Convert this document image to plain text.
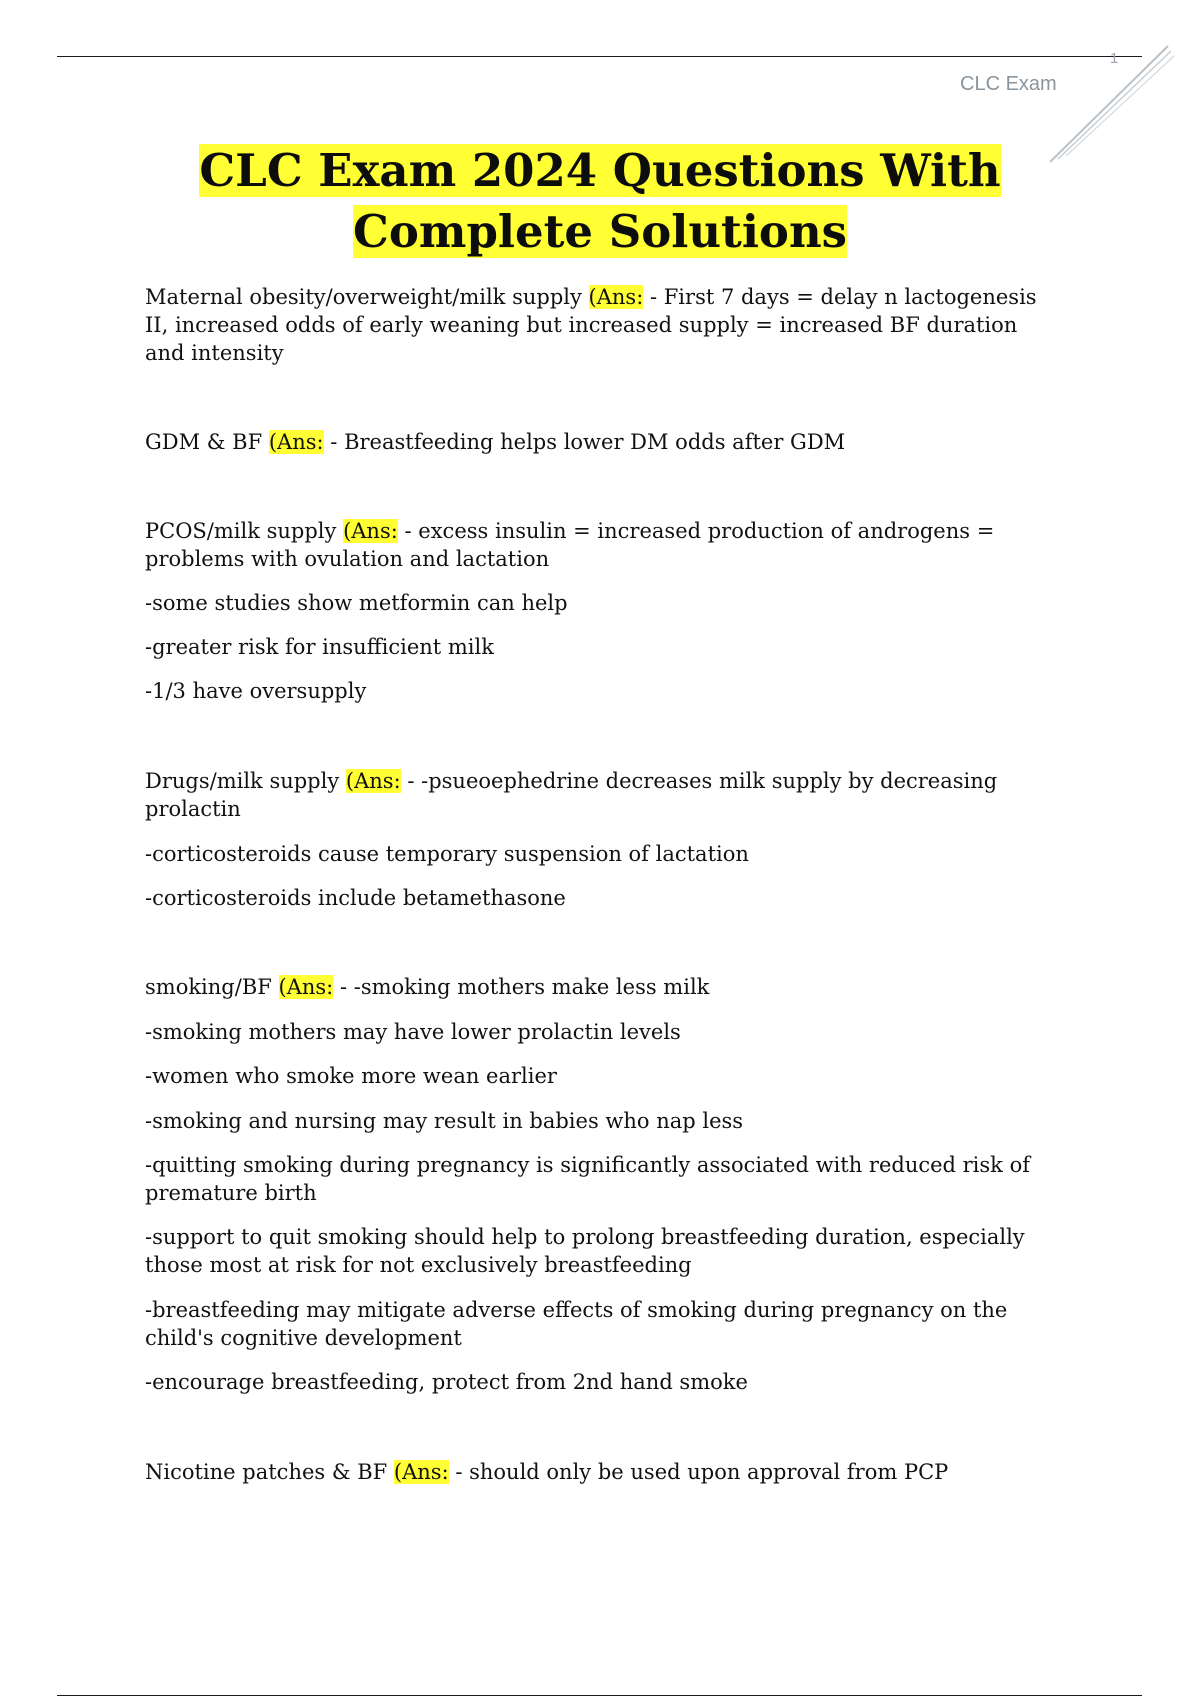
1
CLC Exam
CLC Exam 2024 Questions With
Complete Solutions

Maternal obesity/overweight/milk supply (Ans: - First 7 days = delay n lactogenesis II, increased odds of early weaning but increased supply = increased BF duration and intensity

GDM & BF (Ans: - Breastfeeding helps lower DM odds after GDM

PCOS/milk supply (Ans: - excess insulin = increased production of androgens = problems with ovulation and lactation

-some studies show metformin can help

-greater risk for insufficient milk

-1/3 have oversupply

Drugs/milk supply (Ans: - -psueoephedrine decreases milk supply by decreasing prolactin

-corticosteroids cause temporary suspension of lactation

-corticosteroids include betamethasone

smoking/BF (Ans: - -smoking mothers make less milk

-smoking mothers may have lower prolactin levels

-women who smoke more wean earlier

-smoking and nursing may result in babies who nap less

-quitting smoking during pregnancy is significantly associated with reduced risk of premature birth

-support to quit smoking should help to prolong breastfeeding duration, especially those most at risk for not exclusively breastfeeding

-breastfeeding may mitigate adverse effects of smoking during pregnancy on the child's cognitive development

-encourage breastfeeding, protect from 2nd hand smoke

Nicotine patches & BF (Ans: - should only be used upon approval from PCP
